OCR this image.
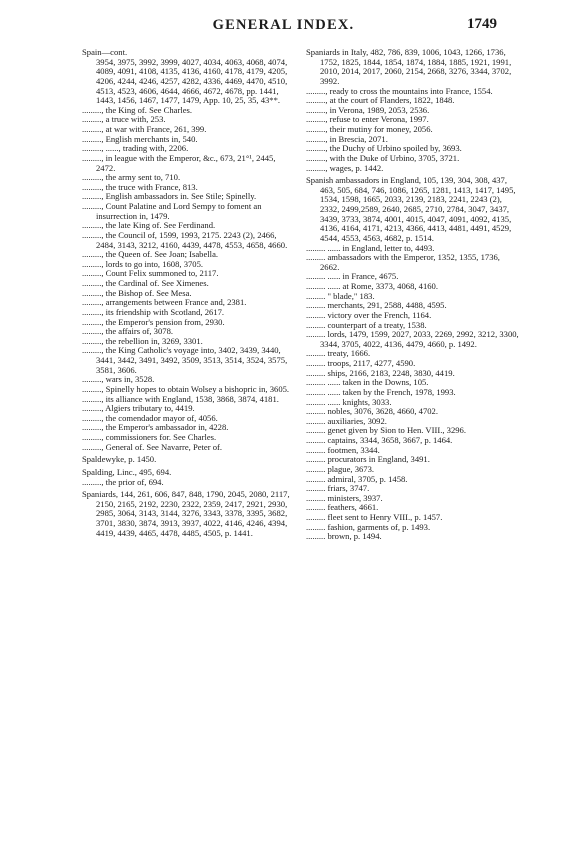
GENERAL INDEX.	1749
Spain—cont.
3954, 3975, 3992, 3999, 4027, 4034, 4063, 4068, 4074, 4089, 4091, 4108, 4135, 4136, 4160, 4178, 4179, 4205, 4206, 4244, 4246, 4257, 4282, 4336, 4469, 4470, 4510, 4513, 4523, 4606, 4644, 4666, 4672, 4678, pp. 1441, 1443, 1456, 1467, 1477, 1479, App. 10, 25, 35, 43**.
........., the King of. See Charles.
........., a truce with, 253.
........., at war with France, 261, 399.
........., English merchants in, 540.
........., ......, trading with, 2206.
........., in league with the Emperor, &c., 673, 21°¹, 2445, 2472.
........., the army sent to, 710.
........., the truce with France, 813.
........., English ambassadors in. See Stile; Spinelly.
........., Count Palatine and Lord Sempy to foment an insurrection in, 1479.
........., the late King of. See Ferdinand.
........., the Council of, 1599, 1993, 2175. 2243 (2), 2466, 2484, 3143, 3212, 4160, 4439, 4478, 4553, 4658, 4660.
........., the Queen of. See Joan; Isabella.
........., lords to go into, 1608, 3705.
........., Count Felix summoned to, 2117.
........., the Cardinal of. See Ximenes.
........., the Bishop of. See Mesa.
........., arrangements between France and, 2381.
........., its friendship with Scotland, 2617.
........., the Emperor's pension from, 2930.
........., the affairs of, 3078.
........., the rebellion in, 3269, 3301.
........., the King Catholic's voyage into, 3402, 3439, 3440, 3441, 3442, 3491, 3492, 3509, 3513, 3514, 3524, 3575, 3581, 3606.
........., wars in, 3528.
........., Spinelly hopes to obtain Wolsey a bishopric in, 3605.
........., its alliance with England, 1538, 3868, 3874, 4181.
........., Algiers tributary to, 4419.
........., the comendador mayor of, 4056.
........., the Emperor's ambassador in, 4228.
........., commissioners for. See Charles.
........., General of. See Navarre, Peter of.
Spaldewyke, p. 1450.
Spalding, Linc., 495, 694.
........., the prior of, 694.
Spaniards, 144, 261, 606, 847, 848, 1790, 2045, 2080, 2117, 2150, 2165, 2192, 2230, 2322, 2359, 2417, 2921, 2930, 2985, 3064, 3143, 3144, 3276, 3343, 3378, 3395, 3682, 3701, 3830, 3874, 3913, 3937, 4022, 4146, 4246, 4394, 4419, 4439, 4465, 4478, 4485, 4505, p. 1441.
Spaniards in Italy, 482, 786, 839, 1006, 1043, 1266, 1736, 1752, 1825, 1844, 1854, 1874, 1884, 1885, 1921, 1991, 2010, 2014, 2017, 2060, 2154, 2668, 3276, 3344, 3702, 3992.
........., ready to cross the mountains into France, 1554.
........., at the court of Flanders, 1822, 1848.
........., in Verona, 1989, 2053, 2536.
........., refuse to enter Verona, 1997.
........., their mutiny for money, 2056.
........., in Brescia, 2071.
........., the Duchy of Urbino spoiled by, 3693.
........., with the Duke of Urbino, 3705, 3721.
........., wages, p. 1442.
Spanish ambassadors in England, 105, 139, 304, 308, 437, 463, 505, 684, 746, 1086, 1265, 1281, 1413, 1417, 1495, 1534, 1598, 1665, 2033, 2139, 2183, 2241, 2243 (2), 2332, 2499,2589, 2640, 2685, 2710, 2784, 3047, 3437, 3439, 3733, 3874, 4001, 4015, 4047, 4091, 4092, 4135, 4136, 4164, 4171, 4213, 4366, 4413, 4481, 4491, 4529, 4544, 4553, 4563, 4682, p. 1514.
......... ...... in England, letter to, 4493.
......... ambassadors with the Emperor, 1352, 1355, 1736, 2662.
......... ...... in France, 4675.
......... ...... at Rome, 3373, 4068, 4160.
......... " blade," 183.
......... merchants, 291, 2588, 4488, 4595.
......... victory over the French, 1164.
......... counterpart of a treaty, 1538.
......... lords, 1479, 1599, 2027, 2033, 2269, 2992, 3212, 3300, 3344, 3705, 4022, 4136, 4479, 4660, p. 1492.
......... treaty, 1666.
......... troops, 2117, 4277, 4590.
......... ships, 2166, 2183, 2248, 3830, 4419.
......... ...... taken in the Downs, 105.
......... ...... taken by the French, 1978, 1993.
......... ...... knights, 3033.
......... nobles, 3076, 3628, 4660, 4702.
......... auxiliaries, 3092.
......... genet given by Sion to Hen. VIII., 3296.
......... captains, 3344, 3658, 3667, p. 1464.
......... footmen, 3344.
......... procurators in England, 3491.
......... plague, 3673.
......... admiral, 3705, p. 1458.
......... friars, 3747.
......... ministers, 3937.
......... feathers, 4661.
......... fleet sent to Henry VIII., p. 1457.
......... fashion, garments of, p. 1493.
......... brown, p. 1494.
